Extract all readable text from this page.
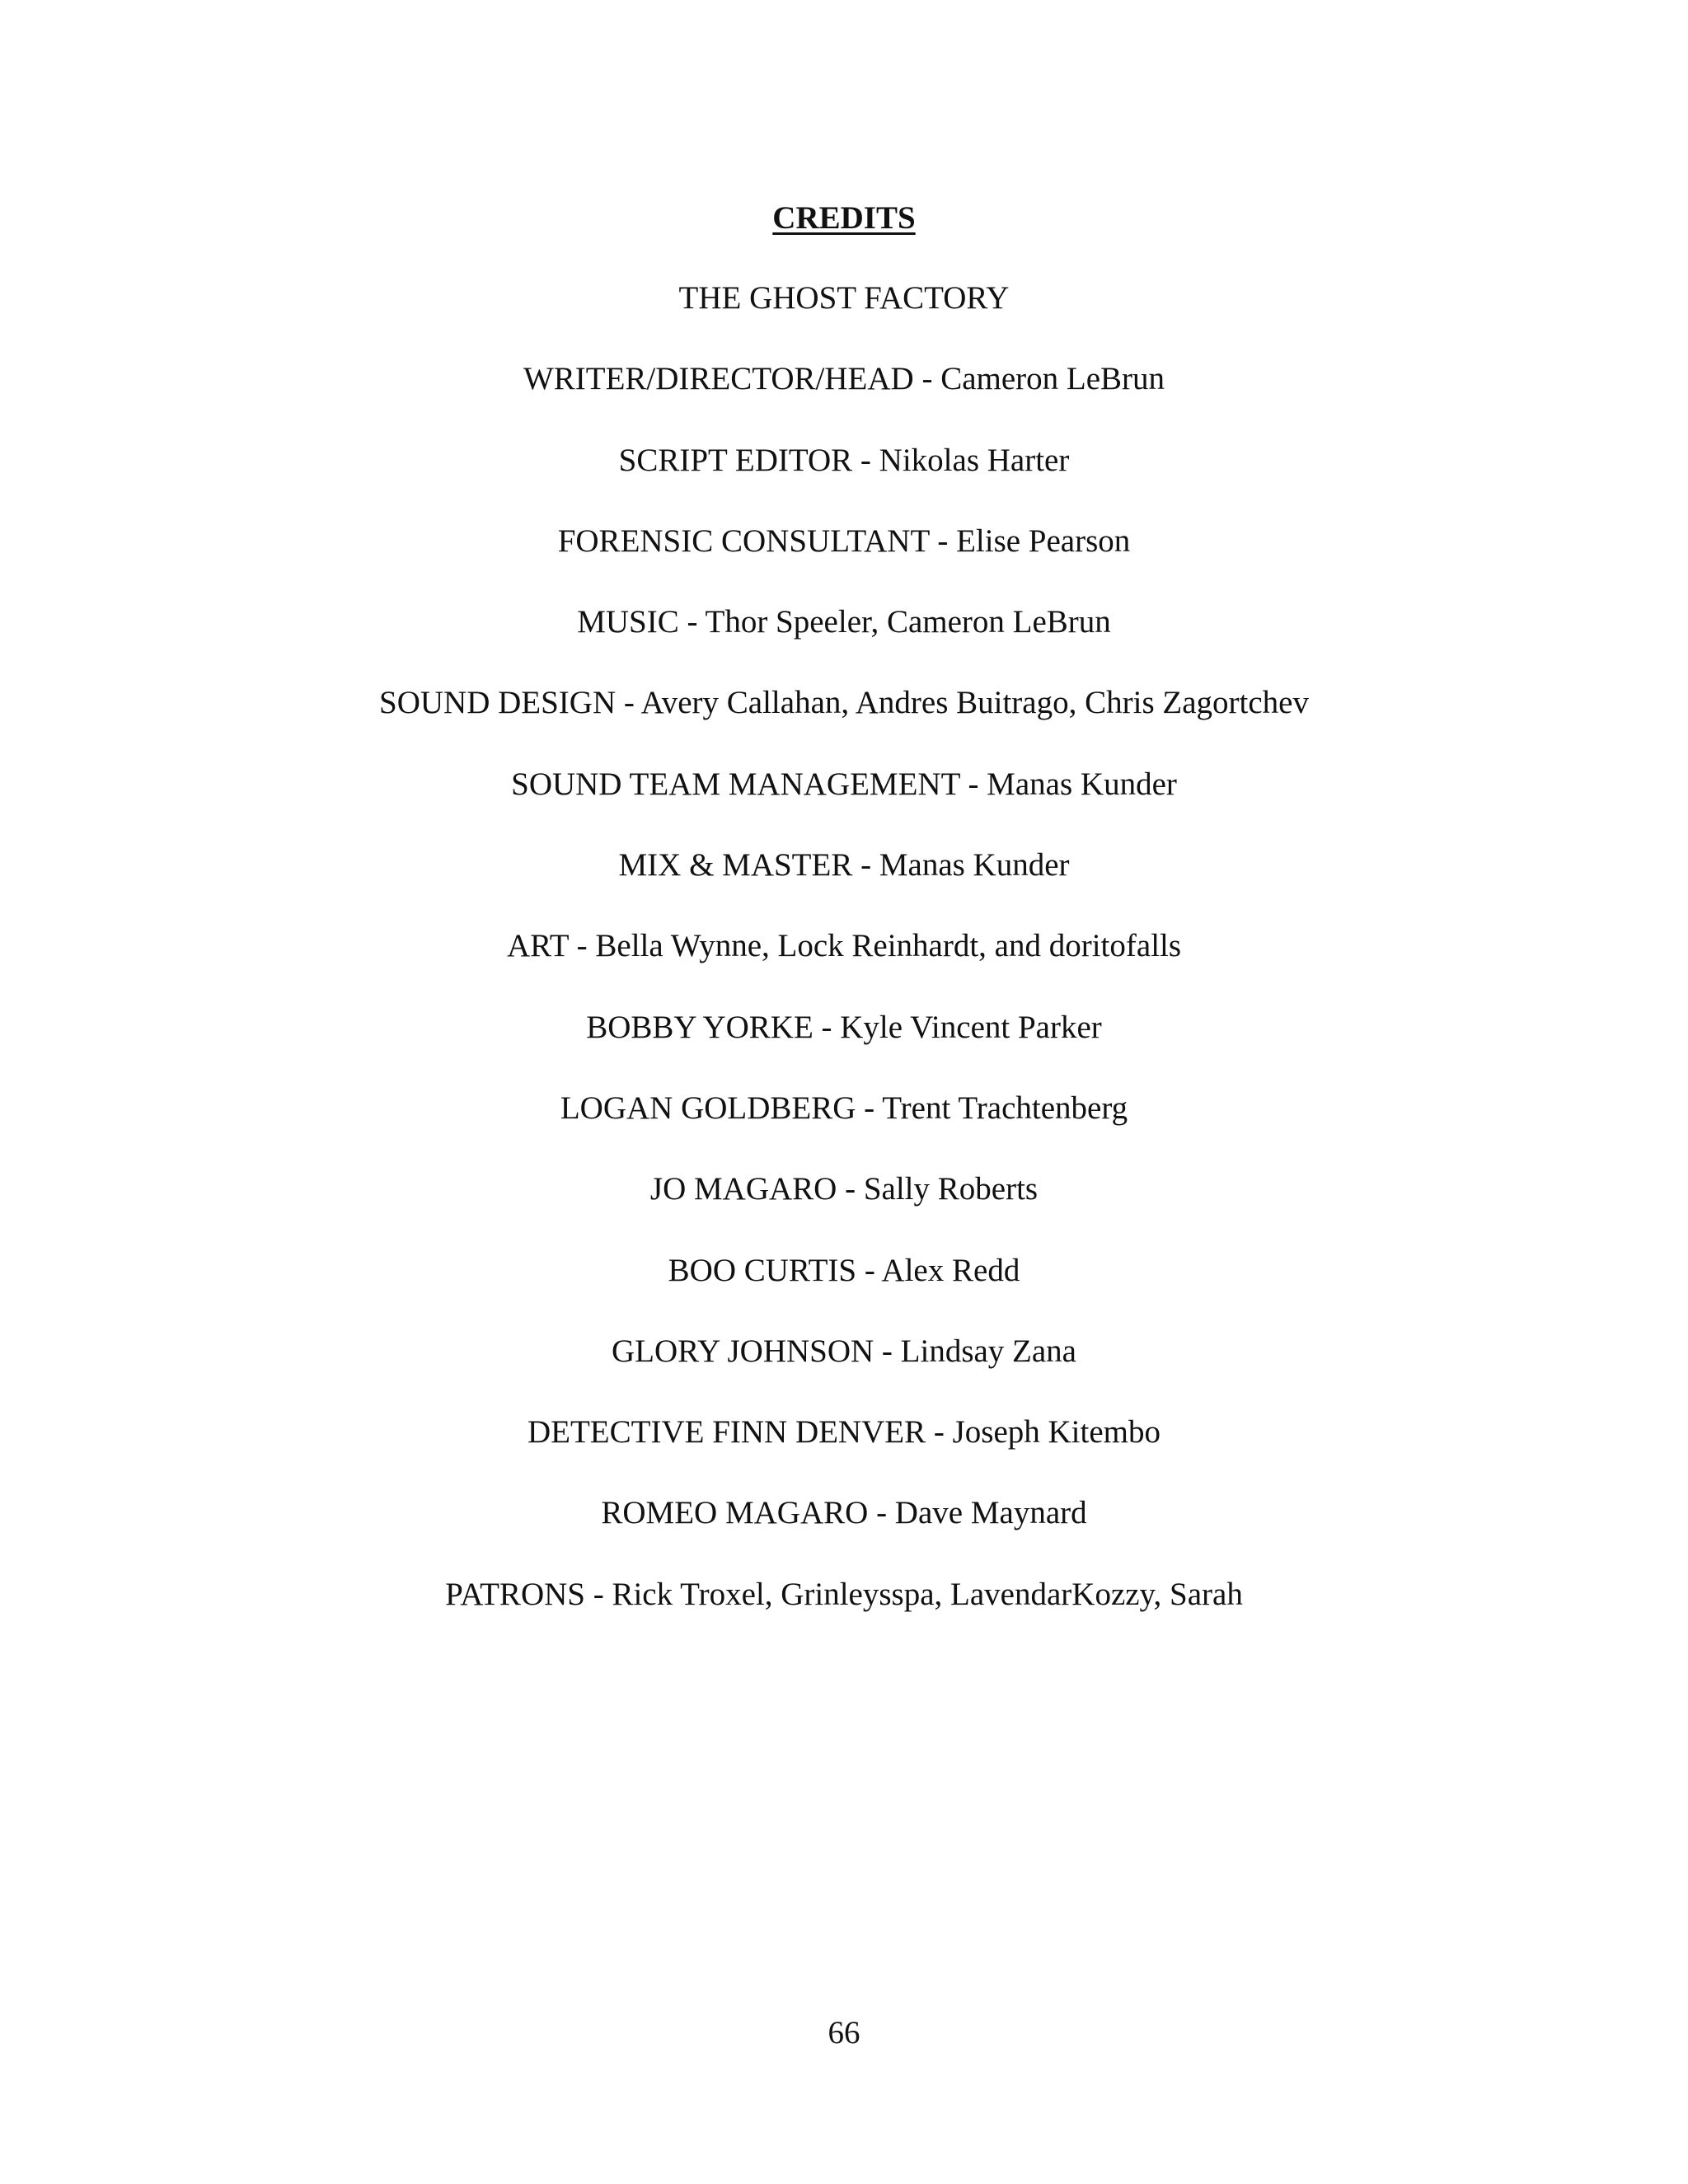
CREDITS
THE GHOST FACTORY
WRITER/DIRECTOR/HEAD - Cameron LeBrun
SCRIPT EDITOR - Nikolas Harter
FORENSIC CONSULTANT - Elise Pearson
MUSIC - Thor Speeler, Cameron LeBrun
SOUND DESIGN - Avery Callahan, Andres Buitrago, Chris Zagortchev
SOUND TEAM MANAGEMENT - Manas Kunder
MIX & MASTER - Manas Kunder
ART - Bella Wynne, Lock Reinhardt, and doritofalls
BOBBY YORKE - Kyle Vincent Parker
LOGAN GOLDBERG - Trent Trachtenberg
JO MAGARO - Sally Roberts
BOO CURTIS - Alex Redd
GLORY JOHNSON - Lindsay Zana
DETECTIVE FINN DENVER - Joseph Kitembo
ROMEO MAGARO - Dave Maynard
PATRONS - Rick Troxel, Grinleysspa, LavendarKozzy, Sarah
66
